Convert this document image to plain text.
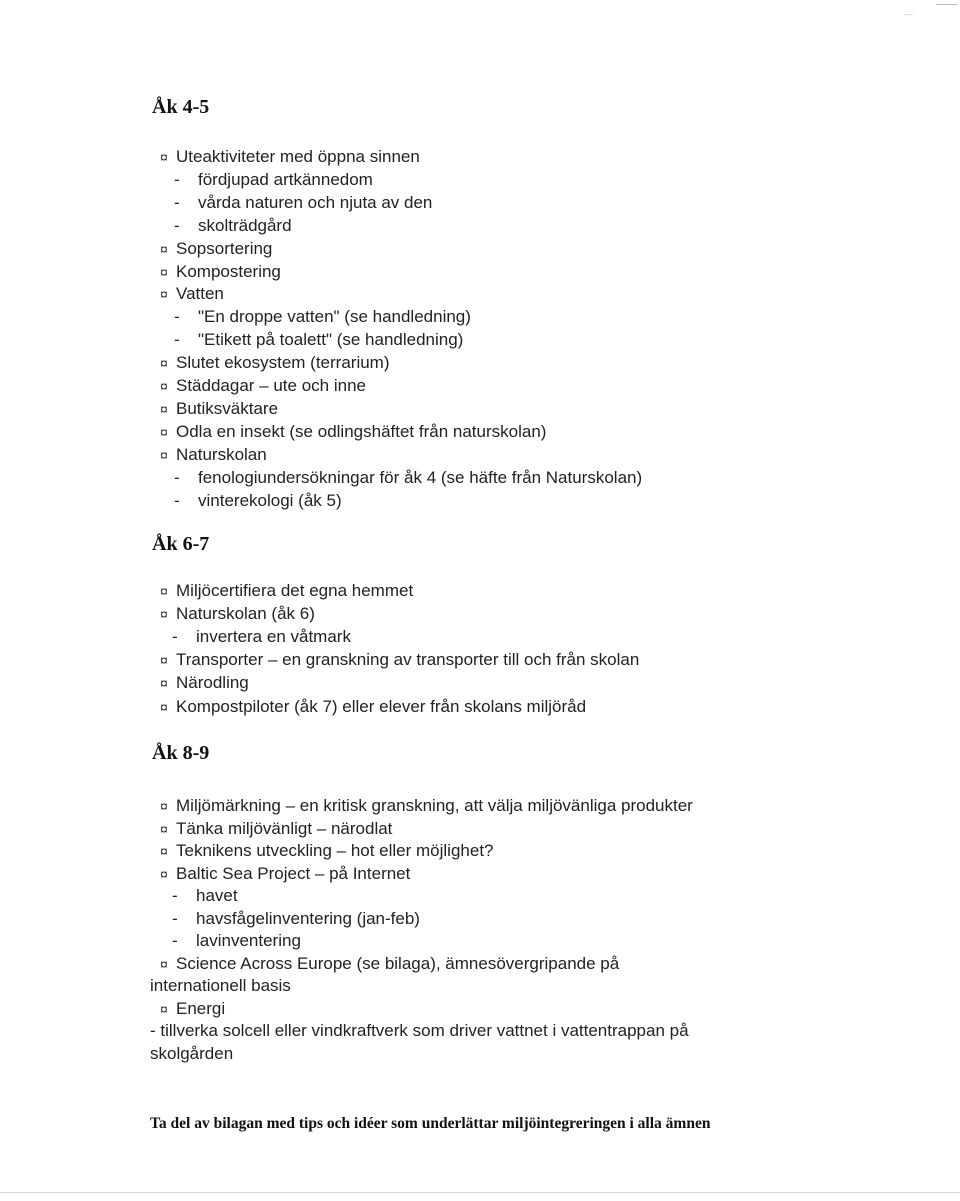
Åk 4-5
¤ Uteaktiviteter med öppna sinnen
- fördjupad artkännedom
- vårda naturen och njuta av den
- skolträdgård
¤ Sopsortering
¤ Kompostering
¤ Vatten
- "En droppe vatten" (se handledning)
- "Etikett på toalett" (se handledning)
¤ Slutet ekosystem (terrarium)
¤ Städdagar – ute och inne
¤ Butiksväktare
¤ Odla en insekt (se odlingshäftet från naturskolan)
¤ Naturskolan
- fenologiundersökningar för åk 4 (se häfte från Naturskolan)
- vinterekologi (åk 5)
Åk 6-7
¤ Miljöcertifiera det egna hemmet
¤ Naturskolan (åk 6)
- invertera en våtmark
¤ Transporter – en granskning av transporter till och från skolan
¤ Närodling
¤ Kompostpiloter (åk 7) eller elever från skolans miljöråd
Åk 8-9
¤ Miljömärkning – en kritisk granskning, att välja miljövänliga produkter
¤ Tänka miljövänligt – närodlat
¤ Teknikens utveckling – hot eller möjlighet?
¤ Baltic Sea Project – på Internet
- havet
- havsfågelinventering (jan-feb)
- lavinventering
¤ Science Across Europe (se bilaga), ämnesövergripande på
internationell basis
¤ Energi
- tillverka solcell eller vindkraftverk som driver vattnet i vattentrappan på
skolgården

Ta del av bilagan med tips och idéer som underlättar miljöintegreringen i alla ämnen
